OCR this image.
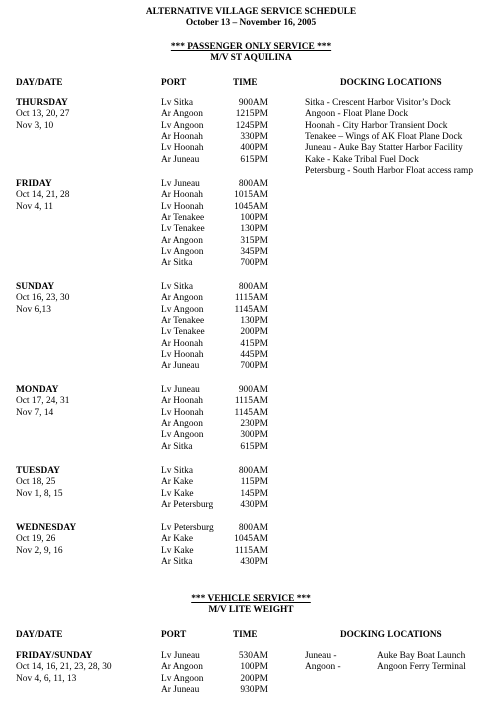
ALTERNATIVE VILLAGE SERVICE SCHEDULE
October 13 – November 16, 2005
*** PASSENGER ONLY SERVICE ***
M/V ST AQUILINA
DAY/DATE	PORT	TIME	DOCKING LOCATIONS
THURSDAY
Oct 13, 20, 27
Nov 3, 10
Lv Sitka	900AM
Ar Angoon	1215PM
Lv Angoon	1245PM
Ar Hoonah	330PM
Lv Hoonah	400PM
Ar Juneau	615PM
FRIDAY
Oct 14, 21, 28
Nov 4, 11
Lv Juneau	800AM
Ar Hoonah	1015AM
Lv Hoonah	1045AM
Ar Tenakee	100PM
Lv Tenakee	130PM
Ar Angoon	315PM
Lv Angoon	345PM
Ar Sitka	700PM
SUNDAY
Oct 16, 23, 30
Nov 6,13
Lv Sitka	800AM
Ar Angoon	1115AM
Lv Angoon	1145AM
Ar Tenakee	130PM
Lv Tenakee	200PM
Ar Hoonah	415PM
Lv Hoonah	445PM
Ar Juneau	700PM
MONDAY
Oct 17, 24, 31
Nov 7, 14
Lv Juneau	900AM
Ar Hoonah	1115AM
Lv Hoonah	1145AM
Ar Angoon	230PM
Lv Angoon	300PM
Ar Sitka	615PM
TUESDAY
Oct 18, 25
Nov 1, 8, 15
Lv Sitka	800AM
Ar Kake	115PM
Lv Kake	145PM
Ar Petersburg	430PM
WEDNESDAY
Oct 19, 26
Nov 2, 9, 16
Lv Petersburg	800AM
Ar Kake	1045AM
Lv Kake	1115AM
Ar Sitka	430PM
Sitka - Crescent Harbor Visitor’s Dock
Angoon - Float Plane Dock
Hoonah - City Harbor Transient Dock
Tenakee – Wings of AK Float Plane Dock
Juneau - Auke Bay Statter Harbor Facility
Kake - Kake Tribal Fuel Dock
Petersburg - South Harbor Float access ramp
*** VEHICLE SERVICE ***
M/V LITE WEIGHT
DAY/DATE	PORT	TIME	DOCKING LOCATIONS
FRIDAY/SUNDAY
Oct 14, 16, 21, 23, 28, 30
Nov 4, 6, 11, 13
Lv Juneau	530AM
Ar Angoon	100PM
Lv Angoon	200PM
Ar Juneau	930PM
Juneau -	Auke Bay Boat Launch
Angoon -	Angoon Ferry Terminal
